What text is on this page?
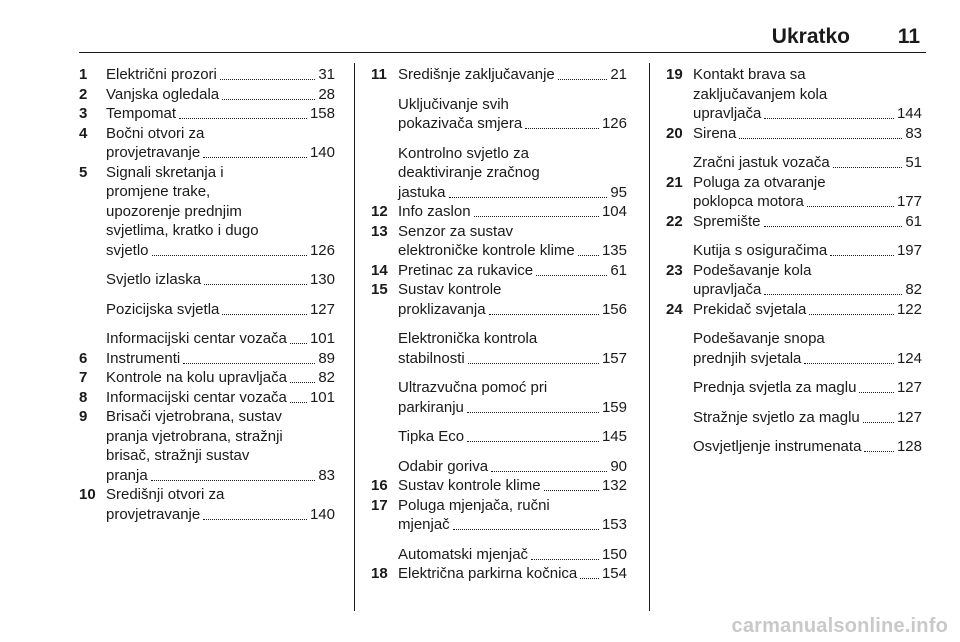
Ukratko 11
1	Električni prozori	31
2	Vanjska ogledala	28
3	Tempomat	158
4	Bočni otvori za
provjetravanje	140
5	Signali skretanja i
promjene trake,
upozorenje prednjim
svjetlima, kratko i dugo
svjetlo	126
Svjetlo izlaska	130
Pozicijska svjetla	127
Informacijski centar vozača 101
6	Instrumenti	89
7	Kontrole na kolu upravljača 82
8	Informacijski centar vozača 101
9	Brisači vjetrobrana, sustav
pranja vjetrobrana, stražnji
brisač, stražnji sustav
pranja	83
10 Središnji otvori za
provjetravanje	140
11 Središnje zaključavanje	21
Uključivanje svih
pokazivača smjera	126
Kontrolno svjetlo za
deaktiviranje zračnog
jastuka	95
12 Info zaslon	104
13 Senzor za sustav
elektroničke kontrole klime 135
14 Pretinac za rukavice	61
15 Sustav kontrole
proklizavanja	156
Elektronička kontrola
stabilnosti	157
Ultrazvučna pomoć pri
parkiranju	159
Tipka Eco	145
Odabir goriva	90
16 Sustav kontrole klime	132
17 Poluga mjenjača, ručni
mjenjač	153
Automatski mjenjač	150
18 Električna parkirna kočnica 154
19 Kontakt brava sa
zaključavanjem kola
upravljača	144
20 Sirena	83
Zračni jastuk vozača	51
21 Poluga za otvaranje
poklopca motora	177
22 Spremište	61
Kutija s osiguračima	197
23 Podešavanje kola
upravljača	82
24 Prekidač svjetala	122
Podešavanje snopa
prednjih svjetala	124
Prednja svjetla za maglu	127
Stražnje svjetlo za maglu 127
Osvjetljenje instrumenata 128
carmanualsonline.info
